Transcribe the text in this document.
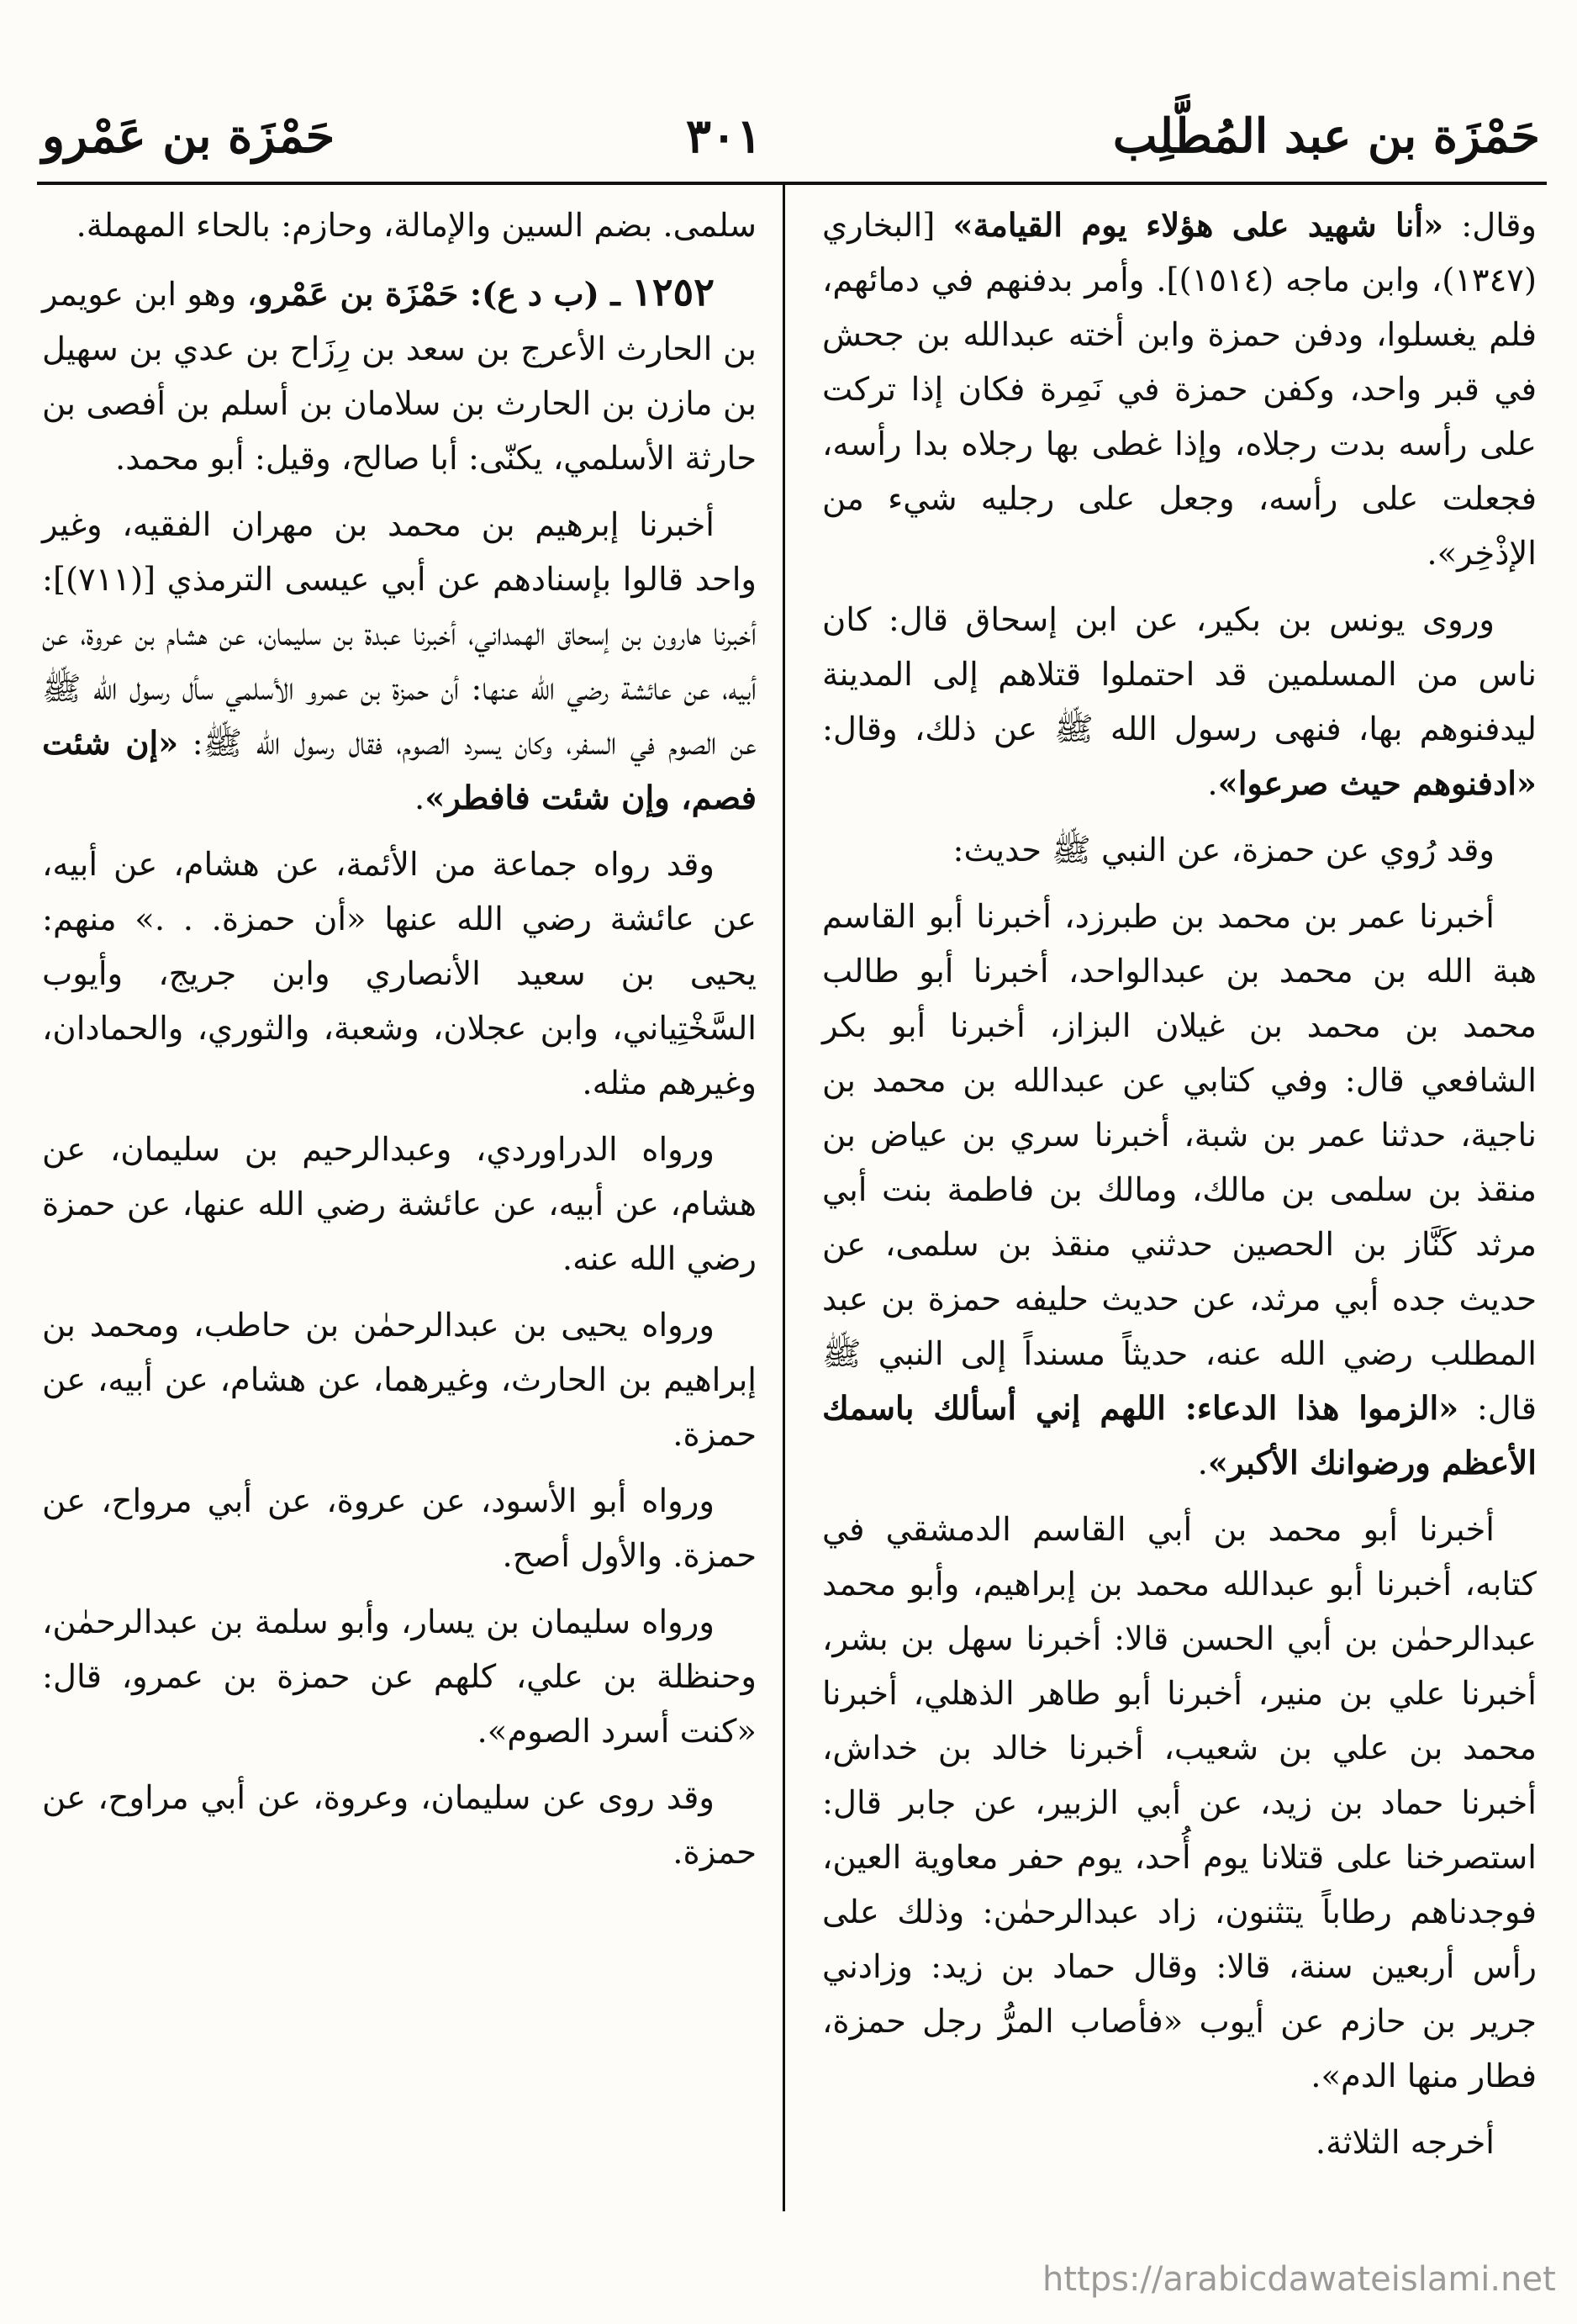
حَمْزَة بن عبد المُطَّلِب
٣٠١
حَمْزَة بن عَمْرو

وقال: «أنا شهيد على هؤلاء يوم القيامة» [البخاري (١٣٤٧)، وابن ماجه (١٥١٤)]. وأمر بدفنهم في دمائهم، فلم يغسلوا، ودفن حمزة وابن أخته عبدالله بن جحش في قبر واحد، وكفن حمزة في نَمِرة فكان إذا تركت على رأسه بدت رجلاه، وإذا غطى بها رجلاه بدا رأسه، فجعلت على رأسه، وجعل على رجليه شيء من الإذْخِر».

وروى يونس بن بكير، عن ابن إسحاق قال: كان ناس من المسلمين قد احتملوا قتلاهم إلى المدينة ليدفنوهم بها، فنهى رسول الله ﷺ عن ذلك، وقال: «ادفنوهم حيث صرعوا».

وقد رُوي عن حمزة، عن النبي ﷺ حديث:

أخبرنا عمر بن محمد بن طبرزد، أخبرنا أبو القاسم هبة الله بن محمد بن عبدالواحد، أخبرنا أبو طالب محمد بن محمد بن غيلان البزاز، أخبرنا أبو بكر الشافعي قال: وفي كتابي عن عبدالله بن محمد بن ناجية، حدثنا عمر بن شبة، أخبرنا سري بن عياض بن منقذ بن سلمى بن مالك، ومالك بن فاطمة بنت أبي مرثد كَنَّاز بن الحصين حدثني منقذ بن سلمى، عن حديث جده أبي مرثد، عن حديث حليفه حمزة بن عبد المطلب رضي الله عنه، حديثاً مسنداً إلى النبي ﷺ قال: «الزموا هذا الدعاء: اللهم إني أسألك باسمك الأعظم ورضوانك الأكبر».

أخبرنا أبو محمد بن أبي القاسم الدمشقي في كتابه، أخبرنا أبو عبدالله محمد بن إبراهيم، وأبو محمد عبدالرحمٰن بن أبي الحسن قالا: أخبرنا سهل بن بشر، أخبرنا علي بن منير، أخبرنا أبو طاهر الذهلي، أخبرنا محمد بن علي بن شعيب، أخبرنا خالد بن خداش، أخبرنا حماد بن زيد، عن أبي الزبير، عن جابر قال: استصرخنا على قتلانا يوم أُحد، يوم حفر معاوية العين، فوجدناهم رطاباً يتثنون، زاد عبدالرحمٰن: وذلك على رأس أربعين سنة، قالا: وقال حماد بن زيد: وزادني جرير بن حازم عن أيوب «فأصاب المرُّ رجل حمزة، فطار منها الدم».

أخرجه الثلاثة.

سلمى. بضم السين والإمالة، وحازم: بالحاء المهملة.

١٢٥٢ ـ (ب د ع): حَمْزَة بن عَمْرو، وهو ابن عويمر بن الحارث الأعرج بن سعد بن رِزَاح بن عدي بن سهيل بن مازن بن الحارث بن سلامان بن أسلم بن أفصى بن حارثة الأسلمي، يكنّى: أبا صالح، وقيل: أبو محمد.

أخبرنا إبرهيم بن محمد بن مهران الفقيه، وغير واحد قالوا بإسنادهم عن أبي عيسى الترمذي [(٧١١)]: أخبرنا هارون بن إسحاق الهمداني، أخبرنا عبدة بن سليمان، عن هشام بن عروة، عن أبيه، عن عائشة رضي الله عنها: أن حمزة بن عمرو الأسلمي سأل رسول الله ﷺ عن الصوم في السفر، وكان يسرد الصوم، فقال رسول الله ﷺ: «إن شئت فصم، وإن شئت فافطر».

وقد رواه جماعة من الأئمة، عن هشام، عن أبيه، عن عائشة رضي الله عنها «أن حمزة. . .» منهم: يحيى بن سعيد الأنصاري وابن جريج، وأيوب السَّخْتِياني، وابن عجلان، وشعبة، والثوري، والحمادان، وغيرهم مثله.

ورواه الدراوردي، وعبدالرحيم بن سليمان، عن هشام، عن أبيه، عن عائشة رضي الله عنها، عن حمزة رضي الله عنه.

ورواه يحيى بن عبدالرحمٰن بن حاطب، ومحمد بن إبراهيم بن الحارث، وغيرهما، عن هشام، عن أبيه، عن حمزة.

ورواه أبو الأسود، عن عروة، عن أبي مرواح، عن حمزة. والأول أصح.

ورواه سليمان بن يسار، وأبو سلمة بن عبدالرحمٰن، وحنظلة بن علي، كلهم عن حمزة بن عمرو، قال: «كنت أسرد الصوم».

وقد روى عن سليمان، وعروة، عن أبي مراوح، عن حمزة.

https://arabicdawateislami.net
